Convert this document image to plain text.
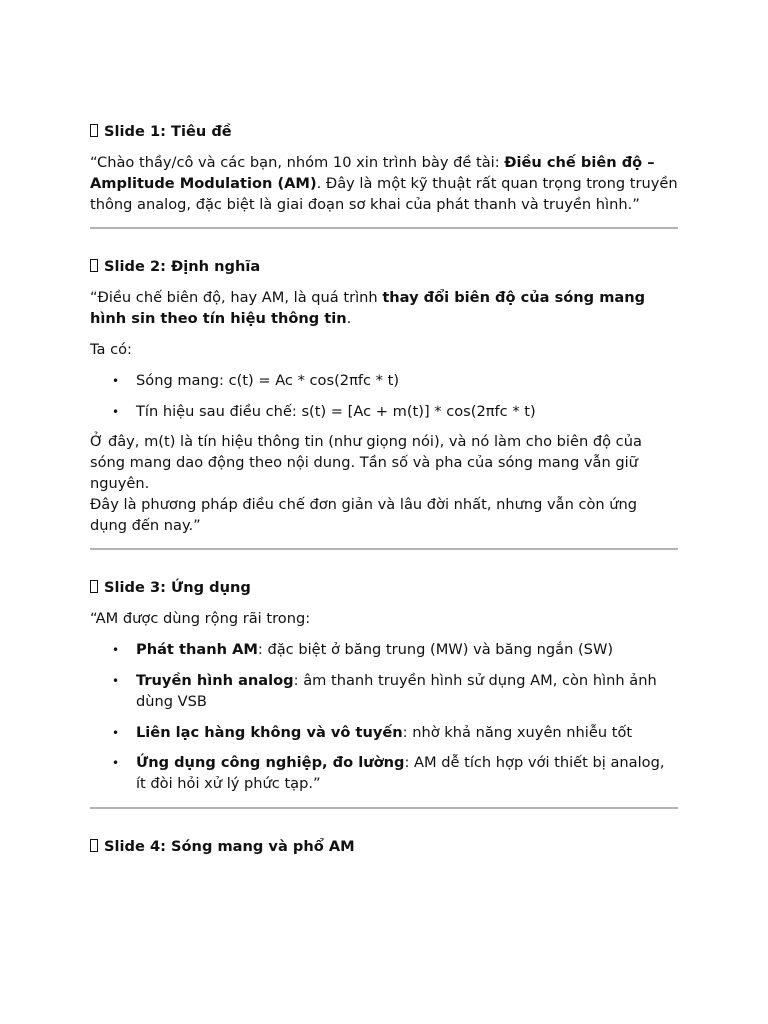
Slide 1: Tiêu đề

“Chào thầy/cô và các bạn, nhóm 10 xin trình bày đề tài: Điều chế biên độ – Amplitude Modulation (AM). Đây là một kỹ thuật rất quan trọng trong truyền thông analog, đặc biệt là giai đoạn sơ khai của phát thanh và truyền hình.”

Slide 2: Định nghĩa

“Điều chế biên độ, hay AM, là quá trình thay đổi biên độ của sóng mang hình sin theo tín hiệu thông tin.

Ta có:

• Sóng mang: c(t) = Ac * cos(2πfc * t)
• Tín hiệu sau điều chế: s(t) = [Ac + m(t)] * cos(2πfc * t)

Ở đây, m(t) là tín hiệu thông tin (như giọng nói), và nó làm cho biên độ của sóng mang dao động theo nội dung. Tần số và pha của sóng mang vẫn giữ nguyên.
Đây là phương pháp điều chế đơn giản và lâu đời nhất, nhưng vẫn còn ứng dụng đến nay.”

Slide 3: Ứng dụng

“AM được dùng rộng rãi trong:

• Phát thanh AM: đặc biệt ở băng trung (MW) và băng ngắn (SW)
• Truyền hình analog: âm thanh truyền hình sử dụng AM, còn hình ảnh dùng VSB
• Liên lạc hàng không và vô tuyến: nhờ khả năng xuyên nhiễu tốt
• Ứng dụng công nghiệp, đo lường: AM dễ tích hợp với thiết bị analog, ít đòi hỏi xử lý phức tạp.”
Slide 4: Sóng mang và phổ AM
